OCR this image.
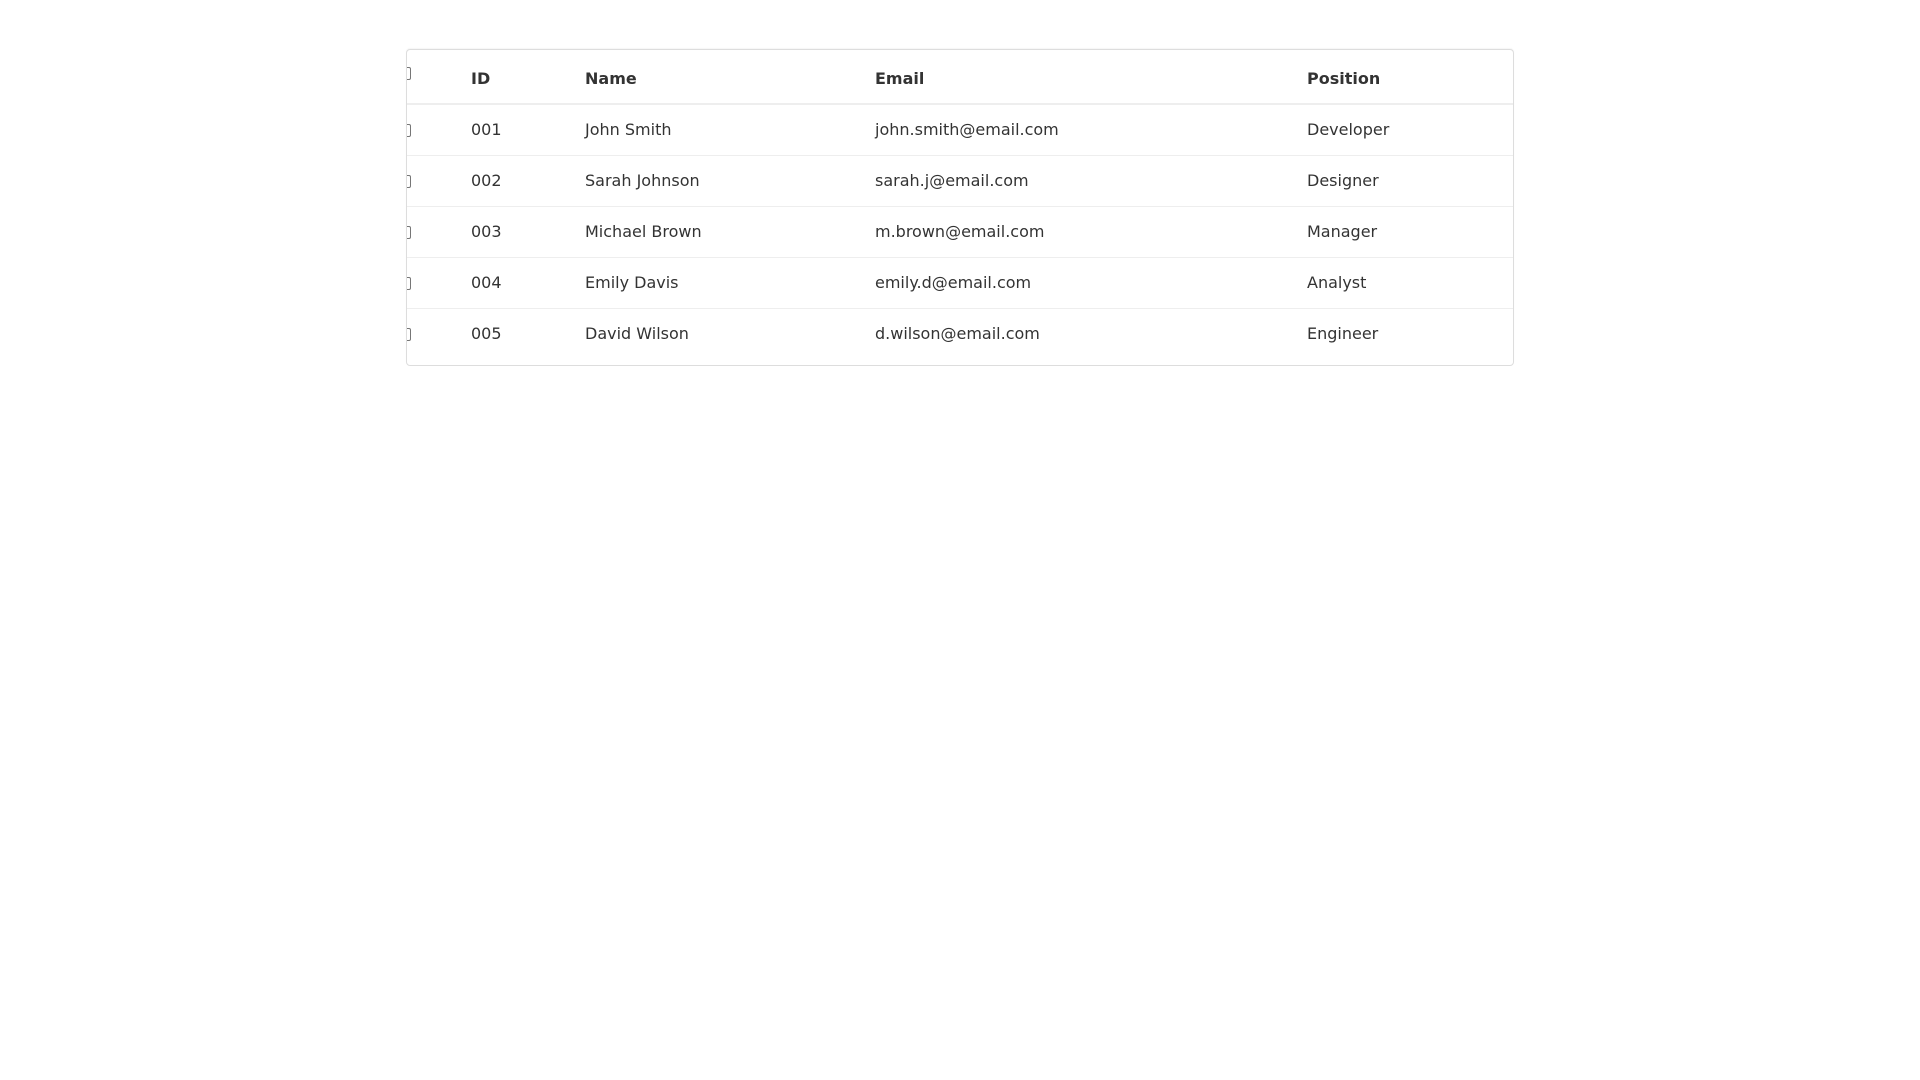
	ID	Name	Email	Position

	001	John Smith	john.smith@email.com	Developer

	002	Sarah Johnson	sarah.j@email.com	Designer

	003	Michael Brown	m.brown@email.com	Manager

	004	Emily Davis	emily.d@email.com	Analyst

	005	David Wilson	d.wilson@email.com	Engineer
